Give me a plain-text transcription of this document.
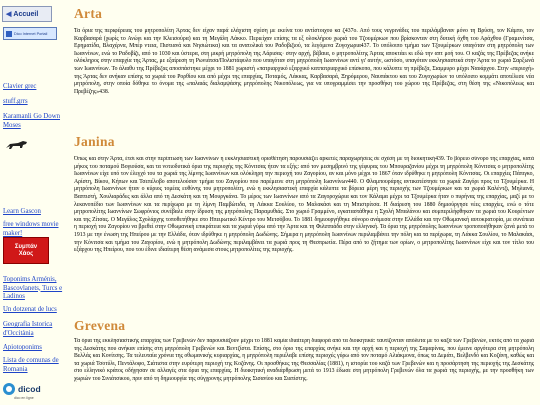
◀ Accueil
Dico Internet Portail
Clavier grec
stuff.grrs
Karamanli Go Down Moses
Learn Gascon
free windows movie maker!
Συμπάν
Χάος
Toponims Arménis, Bascovlanets, Turcs e Ladinos
Un dotzenat de lucs
Geografia Istorica d'Occitània
Apiotoponims
Lista de comunas de Romania
dicod
dico en ligne
Arta

Τα όρια της περιφέρειας του μητροπολίτη Άρτας δεν είχαν παρά ελάχιστη σχέση με εκείνα του αντίστοιχου κα ζ437ο. Από τους νεγρινάδες του περιλάμβαναν μόνο τη Βρύση, τον Κάμπο, τον Καρβασαρά (χωρίς το Ανώγι και την Κλεισούρα) και τη Μεγάλη Λάκκο. Περιείχαν επίσης τα εξ ολοκλήρου χωριά του Τζουμέρκων που βρίσκονταν στη δυτική όχθη του Αράχθου (Γραμενίτσα, Ερηματίδα, Βλαχέρνα, Μπέρ ντεια, Πιστιανά και Νησιώτικα) και τα ανατολικά του Ραδοβιζιού, τα λεγόμενα Ζυγοχωρια437. Το υπόλοιπο τμήμα των Τζουμέρκων υπαγόταν στη μητρόπολη των Ιωαννίνων, ενώ το Ραδοβίζι, από το 1030 και ύστερα, στη μικρή μητρόπολη της Λάρισας· στην αρχή, βέβαια, ο μητροπολίτης Άρτας αποκτάει κι εδώ την απτ μοή του. Ο καζάς της Πρέβεζας ανήκε ολόκληρος στην επαρχία της Άρτας, με εξαίρεση τη Ρωνιάτσα/Πολιστάφυλο που υπαγόταν στη μητρόπολη Ιωαννίνων αντί γι' αυτήν, ωστόσο, υπαγόταν εκκλησιαστικά στην Άρτα το χωριό Σαρξωνά των Ιωαννίνων. Το άλαιθυ της Πρέβεζας αποσπάστηκε μέχρι το 1881 χωριστή «πατριαρχικό εξαρχικό κατπατριαρχικό επίσκοπο, που κάλυπτε τη πρέβεζα, Σιαμμυρο μέχρι Ναυάρχου. Στην «περιοχή» της Άρτας δεν ανήκαν επίσης τα χωριά του Ρορθίου και από μέχρι της επαρχίας, Ποταμός, Λάκκας, Καρβασαρά, Ξηρόμερου, Ναυπάκτου και του Ζυγοχωρίων το υπόλοιπο κομμάτι αποτέλεσε νέα μητρόπολη, στην οποία δόθηκε το όνομα της «παλαιάς διαλαμψάσης μητρόπολης Νικοπόλεως, για να υπογραμμίσει την προσθήκη του χώρου της Πρέβεζας, στη θέση της «Νικοπόλεως και Πρεβέζης»438.

Janina

Όπως και στην Άρτα, έτσι και στην περίπτωση των Ιωαννίνων η εκκλησιαστική οριοθέτηση παρουσιάζει αρκετές παραχωρήσεις σε σχέση με τη διοικητική439. Το βόρειο σύνορο της επαρχίας, κατά μήκος του ποταμού Βογιούσα, και τα νοτιοδυτικά όρια της περιοχής της Κόνιτσας ήταν τα εξής: από τον μεσημβρινό της γέφυρας του Μπουραζανίου μέχρι τη μητρόπολη Κόνιτσας ο μητροπολίτης Ιωαννίνων είχε υπό τον έλεγχό του τα χωριά της λίμνης Ιωαννίνων και ολόκληρη την περιοχή του Ζαγορίου, αν και μόνο μέχρι το 1867 όταν ιδρύθηκε η μητρόπολη Κόνιτσας. Οι επαρχίες Πάπιγκο, Αρίστη, Βίκου, Κήπων και Τσεπέλοβο αποτελούσαν τμήμα του Ζαγορίου που παρέμεινε στη μητρόπολη Ιωαννίνων440. Ο Φλαμπουράρης αντικατέστησε τα χωριά Ζαγόρι προς τα Τζουμέρκα. Η μητρόπολη Ιωαννίνων ήταν ο κύριος τομέας ευθύνης του μητροπολίτη, ενώ η εκκλησιαστική επαρχία κάλυπτε τα βόρεια μέρη της περιοχής των Τζουμέρκων και τα χωριά Καλέντζι, Μηλιανά, Βαπτιστή, Χουλιαράδες και άλλα από τη Δεσκάτη και τη Μουργκάνα. Το μέρος των Ιωαννίνων από τα Ζαγοροχώρια και τον Κάλαμα μέχρι τα Τζουμέρκα ήταν ο πυρήνας της επαρχίας, μαζί με το λεκανοπέδιο των Ιωαννίνων και τα περίχωρα με τη λίμνη Παμβώτιδα, τη Λάκκα Σουλίου, το Μαλακάσι και τη Μπιστρίτσα. Η διαίρεση του 1880 δημιούργησε νέες επαρχίες, ενώ ο τότε μητροπολίτης Ιωαννίνων Σωφρόνιος συνέβαλε στην ίδρυση της μητρόπολης Παραμυθιάς. Στο χωριό Γραμμένο, εγκαταστάθηκε η Σχολή Μπαλάνου και συμπεριλήφθηκαν τα χωριά του Κουρέντων και της Ζίτσας. Ο Μεγάλος Σχολάρχης τοποθετήθηκε στο Ηπειρωτικό Κέντρο του Μετσόβου. Το 1881 δημιουργήθηκε σύνορο ανάμεσα στην Ελλάδα και την Οθωμανική αυτοκρατορία, με συνέπεια η περιοχή του Ζαγορίου να βρεθεί στην Οθωμανική επικράτεια και τα χωριά γύρω από την Άρτα και τη Φιλιππιάδα στην ελληνική. Τα όρια της μητρόπολης Ιωαννίνων τροποποιήθηκαν ξανά μετά το 1913 με την ένωση της Ηπείρου με την Ελλάδα, όταν ιδρύθηκε η μητρόπολη Δωδώνης. Σήμερα η μητρόπολη Ιωαννίνων περιλαμβάνει την πόλη και τα περίχωρα, τη Λάκκα Σουλίου, το Μαλακάσι, την Κόνιτσα και τμήμα του Ζαγορίου, ενώ η μητρόπολη Δωδώνης περιλαμβάνει τα χωριά προς τη Θεσπρωτία. Πέρα από το ζήτημα των ορίων, ο μητροπολίτης Ιωαννίνων είχε και τον τίτλο του εξάρχου της Ηπείρου, που του έδινε ιδιαίτερη θέση ανάμεσα στους μητροπολίτες της περιοχής.

Grevena

Τα όρια της εκκλησιαστικής επαρχίας των Γρεβενών δεν παρουσιάζουν μέχρι το 1881 καμία ιδιαίτερη διαφορά από τα διοικητικά: ταυτίζονταν απόλυτα με το καζά των Γρεβενών, εκτός από τα χωριά της Δεσκάτης που ανήκαν επίσης στη μητρόπολη Γρεβενών και Βεντζίστα. Επίσης, στο όριο της επαρχίας ανήκε και την αρχή και η περιοχή της Σαμαρίνας, που έμεινε αργότερα στη μητρόπολη Βελλάς και Κονίτσης. Τα τελευταία χρόνια της οθωμανικής κυριαρχίας, η μητρόπολη περιέλαβε επίσης περιοχές γύρω από τον ποταμό Αλιάκμονα, όπως τα Δεμάτι, Βελβενδό και Κοζάνη, καθώς και τα χωριά Τσοτύλι, Πεντάλοφο, Σιάτιστα στην ευρύτερη περιοχή της Κοζάνης. Οι προσθήκες της Θεσσαλίας (1881), η ιστορία του καζά των Γρεβενών και η προσάρτηση της περιοχής της Δεσκάτης στο ελληνικό κράτος οδήγησαν σε αλλαγές στα όρια της επαρχίας. Η διοικητική αναδιάρθρωση μετά το 1913 έδωσε στη μητρόπολη Γρεβενών όλα τα χωριά της περιοχής, με την προσθήκη των χωριών του Σινιάτσικου, πριν από τη δημιουργία της σύγχρονης μητρόπολης Σισανίου και Σιατίστης.
